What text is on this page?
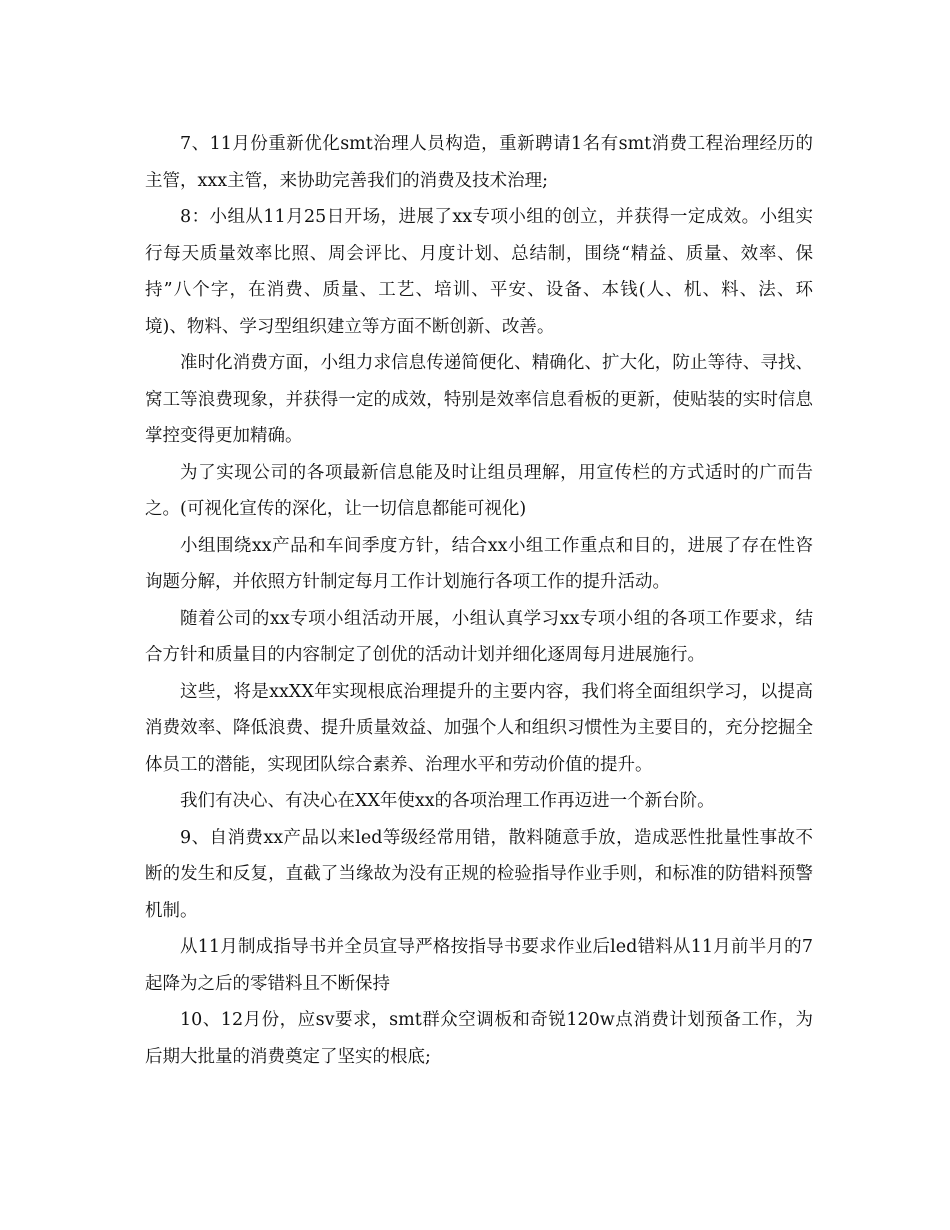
7、11月份重新优化smt治理人员构造，重新聘请1名有smt消费工程治理经历的主管，xxx主管，来协助完善我们的消费及技术治理;

8：小组从11月25日开场，进展了xx专项小组的创立，并获得一定成效。小组实行每天质量效率比照、周会评比、月度计划、总结制，围绕“精益、质量、效率、保持”八个字，在消费、质量、工艺、培训、平安、设备、本钱(人、机、料、法、环境)、物料、学习型组织建立等方面不断创新、改善。

准时化消费方面，小组力求信息传递简便化、精确化、扩大化，防止等待、寻找、窝工等浪费现象，并获得一定的成效，特别是效率信息看板的更新，使贴装的实时信息掌控变得更加精确。

为了实现公司的各项最新信息能及时让组员理解，用宣传栏的方式适时的广而告之。(可视化宣传的深化，让一切信息都能可视化)

小组围绕xx产品和车间季度方针，结合xx小组工作重点和目的，进展了存在性咨询题分解，并依照方针制定每月工作计划施行各项工作的提升活动。

随着公司的xx专项小组活动开展，小组认真学习xx专项小组的各项工作要求，结合方针和质量目的内容制定了创优的活动计划并细化逐周每月进展施行。

这些，将是xxXX年实现根底治理提升的主要内容，我们将全面组织学习，以提高消费效率、降低浪费、提升质量效益、加强个人和组织习惯性为主要目的，充分挖掘全体员工的潜能，实现团队综合素养、治理水平和劳动价值的提升。

我们有决心、有决心在XX年使xx的各项治理工作再迈进一个新台阶。

9、自消费xx产品以来led等级经常用错，散料随意手放，造成恶性批量性事故不断的发生和反复，直截了当缘故为没有正规的检验指导作业手则，和标准的防错料预警机制。

从11月制成指导书并全员宣导严格按指导书要求作业后led错料从11月前半月的7起降为之后的零错料且不断保持

10、12月份，应sv要求，smt群众空调板和奇锐120w点消费计划预备工作，为后期大批量的消费奠定了坚实的根底;
